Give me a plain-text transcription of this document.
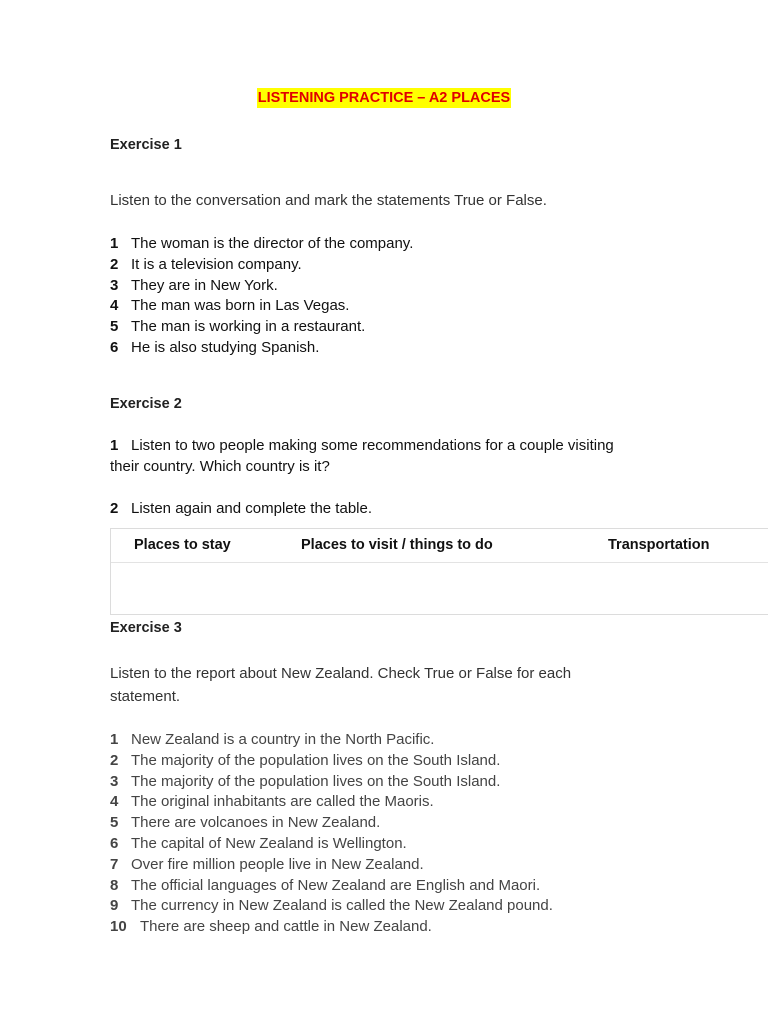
LISTENING PRACTICE – A2 PLACES
Exercise 1
Listen to the conversation and mark the statements True or False.
1 The woman is the director of the company.
2 It is a television company.
3 They are in New York.
4 The man was born in Las Vegas.
5 The man is working in a restaurant.
6 He is also studying Spanish.
Exercise 2
1 Listen to two people making some recommendations for a couple visiting their country. Which country is it?
2 Listen again and complete the table.
Places to stay	Places to visit / things to do	Transportation
Exercise 3
Listen to the report about New Zealand. Check True or False for each statement.
1 New Zealand is a country in the North Pacific.
2 The majority of the population lives on the South Island.
3 The majority of the population lives on the South Island.
4 The original inhabitants are called the Maoris.
5 There are volcanoes in New Zealand.
6 The capital of New Zealand is Wellington.
7 Over fire million people live in New Zealand.
8 The official languages of New Zealand are English and Maori.
9 The currency in New Zealand is called the New Zealand pound.
10 There are sheep and cattle in New Zealand.
